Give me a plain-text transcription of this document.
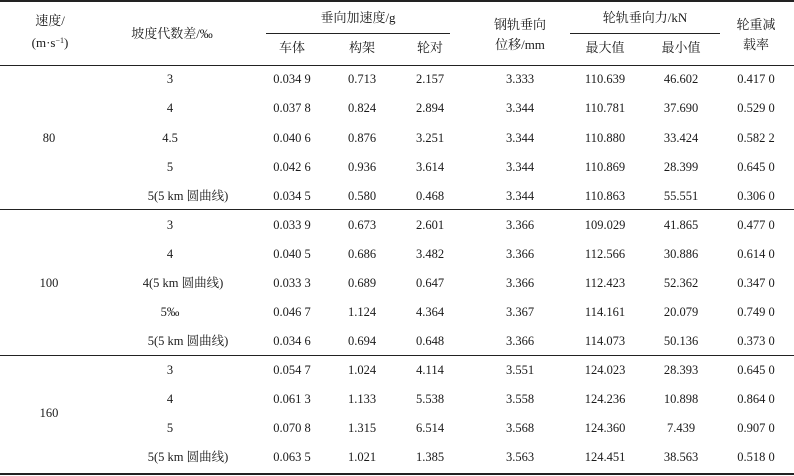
速度/
$(m\cdot s^{-1})$
坡度代数差/‰
垂向加速度/g
车体	构架	轮对
钢轨垂向
位移/mm
轮轨垂向力/kN
最大值	最小值
轮重减
载率
80
3	0.034 9	0.713	2.157	3.333	110.639	46.602	0.417 0
4	0.037 8	0.824	2.894	3.344	110.781	37.690	0.529 0
4.5	0.040 6	0.876	3.251	3.344	110.880	33.424	0.582 2
5	0.042 6	0.936	3.614	3.344	110.869	28.399	0.645 0
5(5 km 圆曲线)	0.034 5	0.580	0.468	3.344	110.863	55.551	0.306 0
100
3	0.033 9	0.673	2.601	3.366	109.029	41.865	0.477 0
4	0.040 5	0.686	3.482	3.366	112.566	30.886	0.614 0
4(5 km 圆曲线)	0.033 3	0.689	0.647	3.366	112.423	52.362	0.347 0
5‰	0.046 7	1.124	4.364	3.367	114.161	20.079	0.749 0
5(5 km 圆曲线)	0.034 6	0.694	0.648	3.366	114.073	50.136	0.373 0
160
3	0.054 7	1.024	4.114	3.551	124.023	28.393	0.645 0
4	0.061 3	1.133	5.538	3.558	124.236	10.898	0.864 0
5	0.070 8	1.315	6.514	3.568	124.360	7.439	0.907 0
5(5 km 圆曲线)	0.063 5	1.021	1.385	3.563	124.451	38.563	0.518 0
